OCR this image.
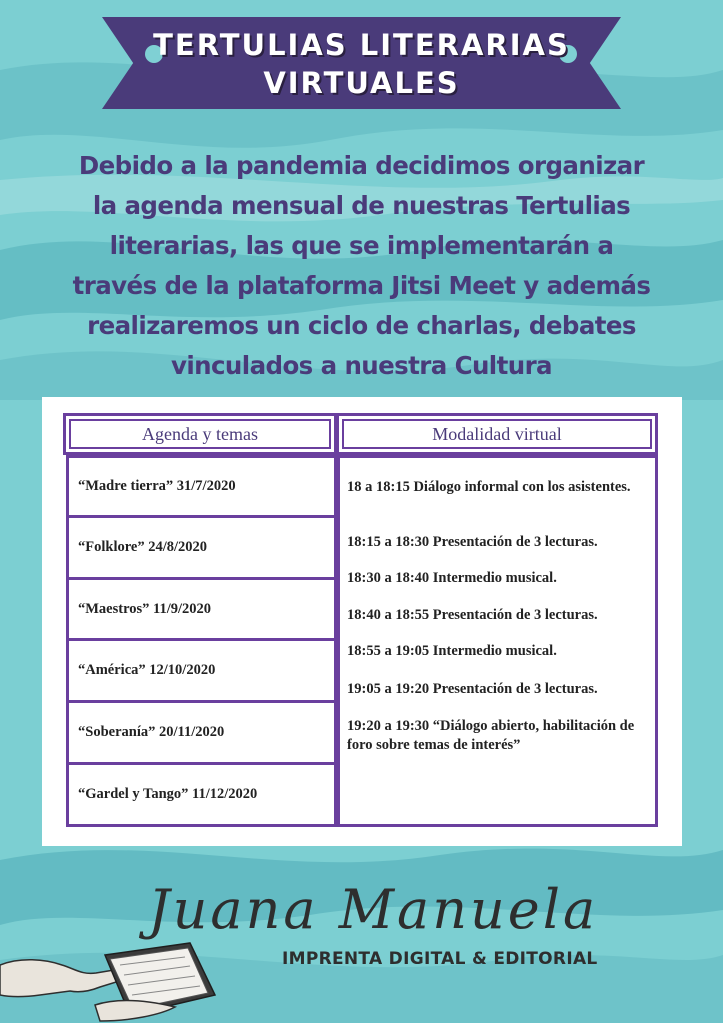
TERTULIAS LITERARIAS
VIRTUALES
Debido a la pandemia decidimos organizar
la agenda mensual de nuestras Tertulias
literarias, las que se implementarán a
través de la plataforma Jitsi Meet y además
realizaremos un ciclo de charlas, debates
vinculados a nuestra Cultura
Agenda y temas	Modalidad virtual
“Madre tierra” 31/7/2020
“Folklore” 24/8/2020
“Maestros” 11/9/2020
“América” 12/10/2020
“Soberanía” 20/11/2020
“Gardel y Tango” 11/12/2020
18 a 18:15 Diálogo informal con los asistentes.
18:15 a 18:30 Presentación de 3 lecturas.
18:30 a 18:40 Intermedio musical.
18:40 a 18:55 Presentación de 3 lecturas.
18:55 a 19:05 Intermedio musical.
19:05 a 19:20 Presentación de 3 lecturas.
19:20 a 19:30 “Diálogo abierto, habilitación de foro sobre temas de interés”
Juana Manuela
IMPRENTA DIGITAL & EDITORIAL
